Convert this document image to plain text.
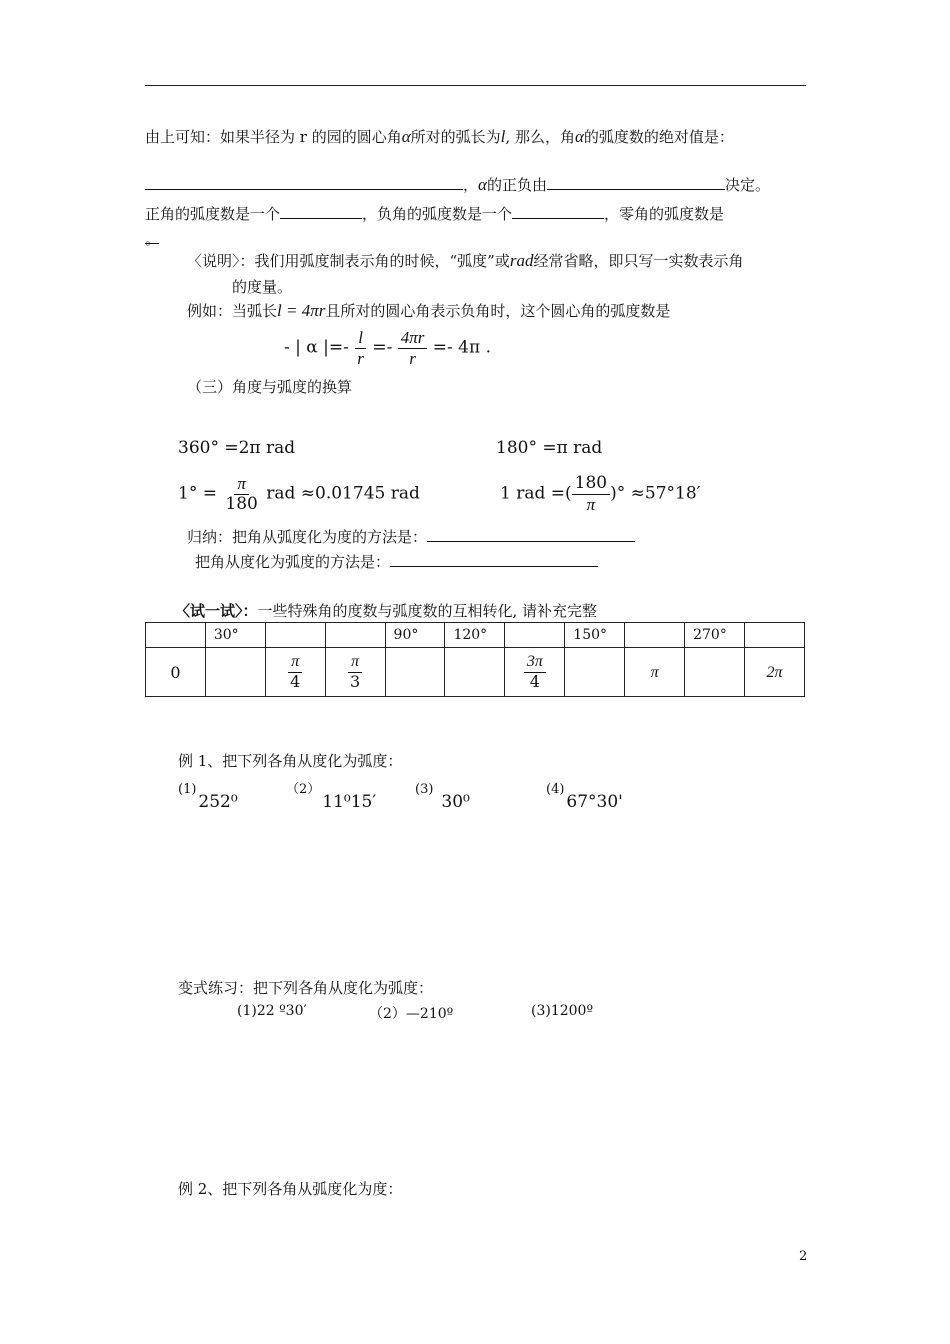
由上可知：如果半径为 r 的园的圆心角α所对的弧长为l, 那么，角α的弧度数的绝对值是：
，α的正负由	决定。
正角的弧度数是一个	，负角的弧度数是一个	，零角的弧度数是
。
〈说明〉：我们用弧度制表示角的时候，“弧度”或rad经常省略，即只写一实数表示角
的度量。
例如：当弧长l = 4πr且所对的圆心角表示负角时，这个圆心角的弧度数是
- | α |=- $\frac{l}{r} =- \frac{4\pi r}{r} =- 4\pi$ .
（三）角度与弧度的换算
360° =2π rad	180° =π rad
$1^\circ = \frac{\pi}{180}$ rad ≈0.01745 rad	1 rad =( $\frac{180}{\pi}$ )° ≈57°18′
归纳：把角从弧度化为度的方法是：
把角从度化为弧度的方法是：
〈试一试〉：一些特殊角的度数与弧度数的互相转化, 请补充完整
	30°			90°	120°		150°		270°	
0		$\frac{\pi}{4}$	$\frac{\pi}{3}$			$\frac{3\pi}{4}$		π		2π
例 1、把下列各角从度化为弧度：
(1)252⁰
（2）11⁰15′
(3)30⁰
(4)67°30'
变式练习：把下列各角从度化为弧度：
(1)22 º30′	（2）—210º	(3)1200º
例 2、把下列各角从弧度化为度：
2
